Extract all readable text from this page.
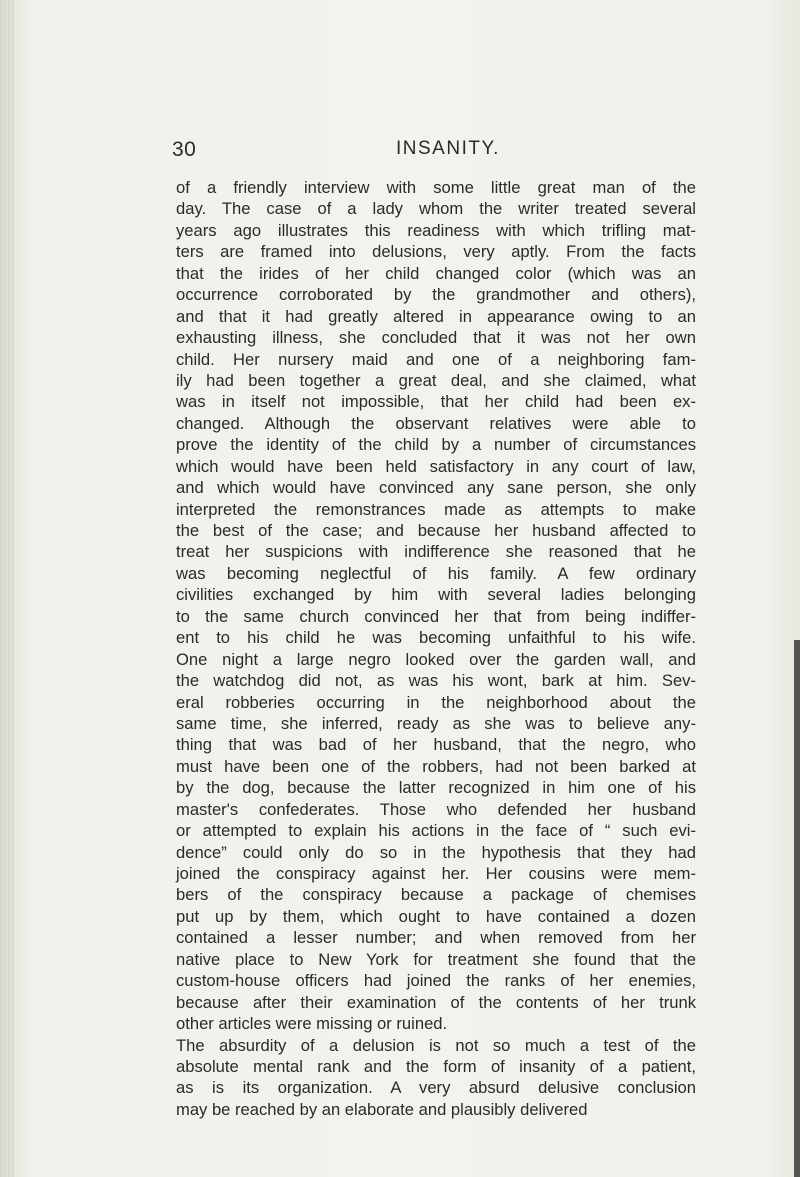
30	INSANITY.
of a friendly interview with some little great man of the
day. The case of a lady whom the writer treated several
years ago illustrates this readiness with which trifling mat-
ters are framed into delusions, very aptly. From the facts
that the irides of her child changed color (which was an
occurrence corroborated by the grandmother and others),
and that it had greatly altered in appearance owing to an
exhausting illness, she concluded that it was not her own
child. Her nursery maid and one of a neighboring fam-
ily had been together a great deal, and she claimed, what
was in itself not impossible, that her child had been ex-
changed. Although the observant relatives were able to
prove the identity of the child by a number of circumstances
which would have been held satisfactory in any court of law,
and which would have convinced any sane person, she only
interpreted the remonstrances made as attempts to make
the best of the case; and because her husband affected to
treat her suspicions with indifference she reasoned that he
was becoming neglectful of his family. A few ordinary
civilities exchanged by him with several ladies belonging
to the same church convinced her that from being indiffer-
ent to his child he was becoming unfaithful to his wife.
One night a large negro looked over the garden wall, and
the watchdog did not, as was his wont, bark at him. Sev-
eral robberies occurring in the neighborhood about the
same time, she inferred, ready as she was to believe any-
thing that was bad of her husband, that the negro, who
must have been one of the robbers, had not been barked at
by the dog, because the latter recognized in him one of his
master's confederates. Those who defended her husband
or attempted to explain his actions in the face of “ such evi-
dence” could only do so in the hypothesis that they had
joined the conspiracy against her. Her cousins were mem-
bers of the conspiracy because a package of chemises
put up by them, which ought to have contained a dozen
contained a lesser number; and when removed from her
native place to New York for treatment she found that the
custom-house officers had joined the ranks of her enemies,
because after their examination of the contents of her trunk
other articles were missing or ruined.
The absurdity of a delusion is not so much a test of the
absolute mental rank and the form of insanity of a patient,
as is its organization. A very absurd delusive conclusion
may be reached by an elaborate and plausibly delivered
